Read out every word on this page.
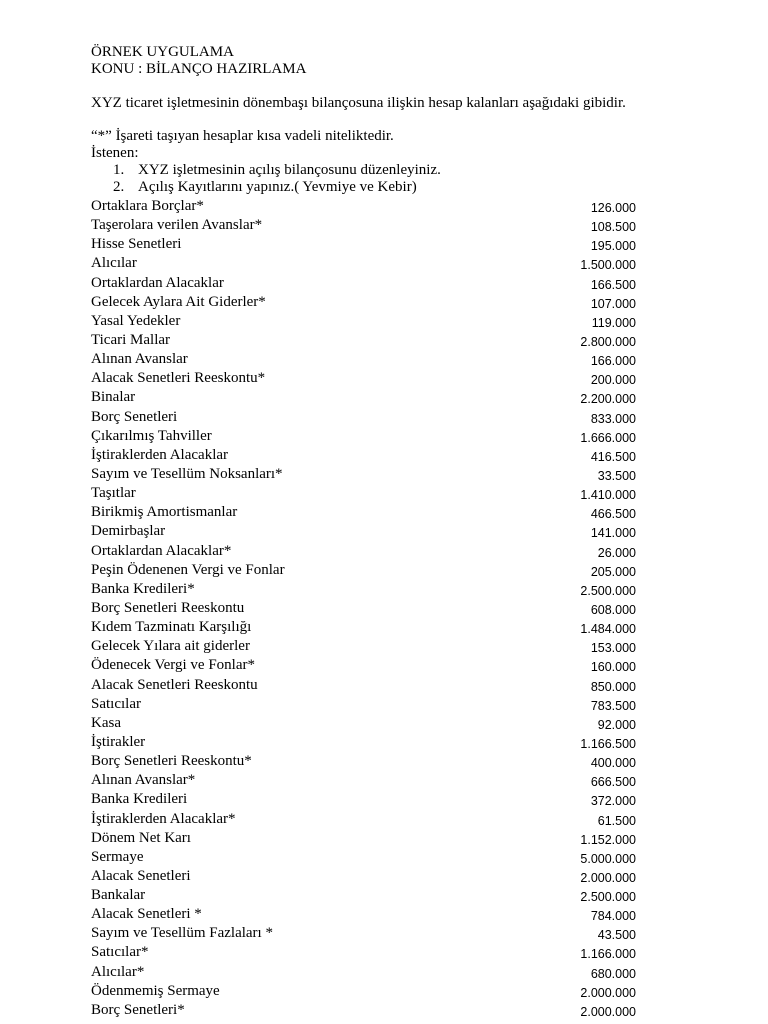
ÖRNEK UYGULAMA
KONU : BİLANÇO HAZIRLAMA
XYZ ticaret işletmesinin dönembaşı bilançosuna ilişkin hesap kalanları aşağıdaki gibidir.
“*” İşareti taşıyan hesaplar kısa vadeli niteliktedir.
İstenen:
1. XYZ işletmesinin açılış bilançosunu düzenleyiniz.
2. Açılış Kayıtlarını yapınız.( Yevmiye ve Kebir)
Ortaklara Borçlar*	126.000
Taşerolara verilen Avanslar*	108.500
Hisse Senetleri	195.000
Alıcılar	1.500.000
Ortaklardan Alacaklar	166.500
Gelecek Aylara Ait Giderler*	107.000
Yasal Yedekler	119.000
Ticari Mallar	2.800.000
Alınan Avanslar	166.000
Alacak Senetleri Reeskontu*	200.000
Binalar	2.200.000
Borç Senetleri	833.000
Çıkarılmış Tahviller	1.666.000
İştiraklerden Alacaklar	416.500
Sayım ve Tesellüm Noksanları*	33.500
Taşıtlar	1.410.000
Birikmiş Amortismanlar	466.500
Demirbaşlar	141.000
Ortaklardan Alacaklar*	26.000
Peşin Ödenenen Vergi ve Fonlar	205.000
Banka Kredileri*	2.500.000
Borç Senetleri Reeskontu	608.000
Kıdem Tazminatı Karşılığı	1.484.000
Gelecek Yılara ait giderler	153.000
Ödenecek Vergi ve Fonlar*	160.000
Alacak Senetleri Reeskontu	850.000
Satıcılar	783.500
Kasa	92.000
İştirakler	1.166.500
Borç Senetleri Reeskontu*	400.000
Alınan Avanslar*	666.500
Banka Kredileri	372.000
İştiraklerden Alacaklar*	61.500
Dönem Net Karı	1.152.000
Sermaye	5.000.000
Alacak Senetleri	2.000.000
Bankalar	2.500.000
Alacak Senetleri *	784.000
Sayım ve Tesellüm Fazlaları *	43.500
Satıcılar*	1.166.000
Alıcılar*	680.000
Ödenmemiş Sermaye	2.000.000
Borç Senetleri*	2.000.000
